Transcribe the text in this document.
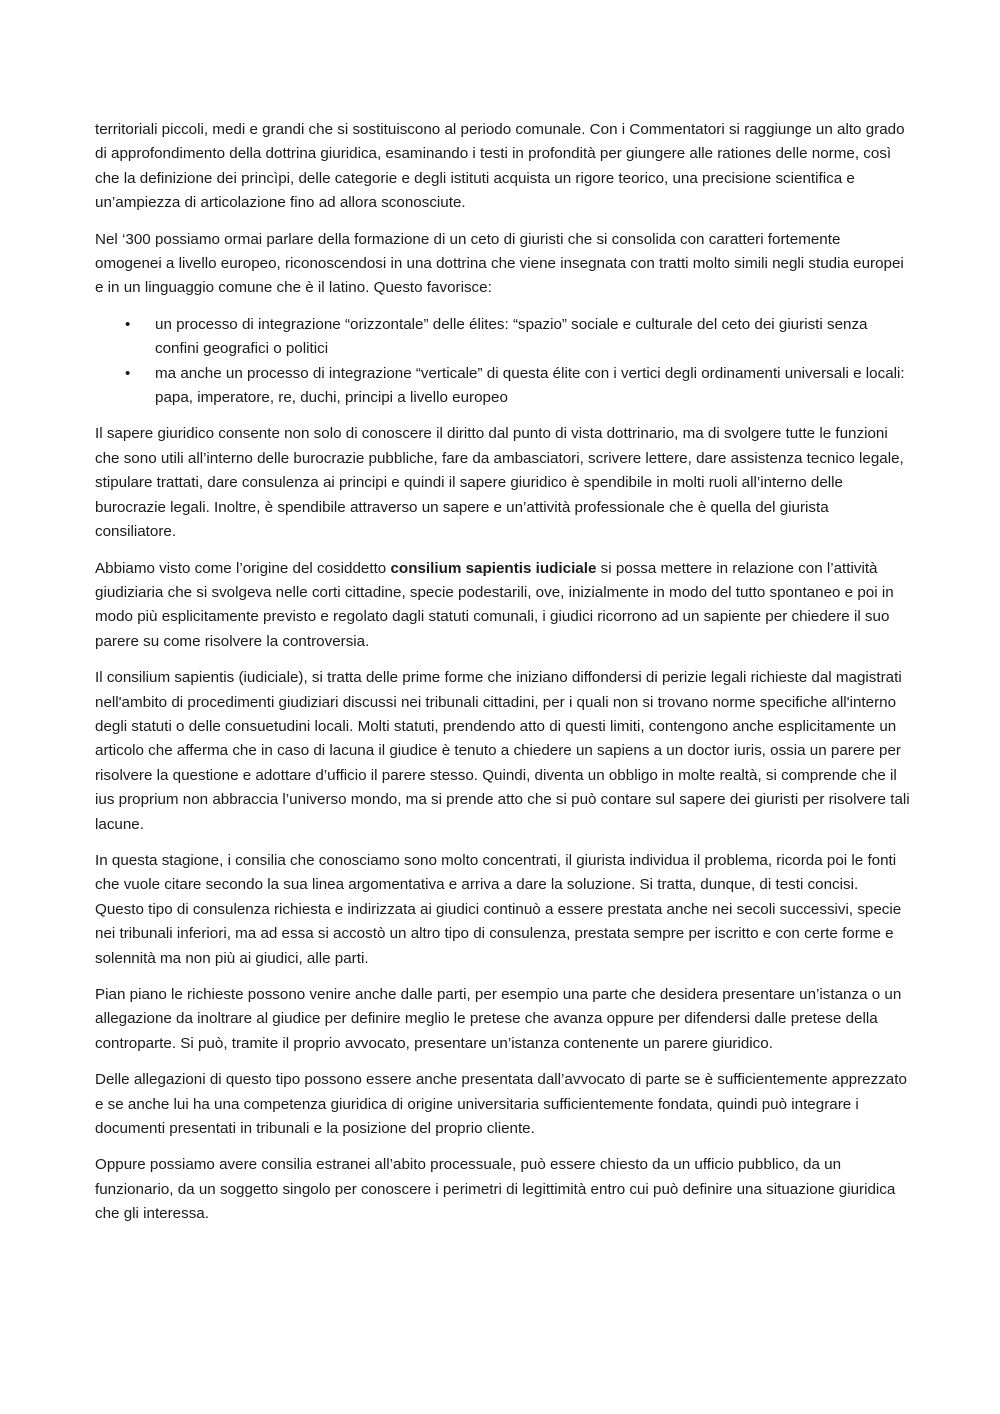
territoriali piccoli, medi e grandi che si sostituiscono al periodo comunale. Con i Commentatori si raggiunge un alto grado di approfondimento della dottrina giuridica, esaminando i testi in profondità per giungere alle rationes delle norme, così che la definizione dei princìpi, delle categorie e degli istituti acquista un rigore teorico, una precisione scientifica e un’ampiezza di articolazione fino ad allora sconosciute.

Nel ‘300 possiamo ormai parlare della formazione di un ceto di giuristi che si consolida con caratteri fortemente omogenei a livello europeo, riconoscendosi in una dottrina che viene insegnata con tratti molto simili negli studia europei e in un linguaggio comune che è il latino. Questo favorisce:

• un processo di integrazione “orizzontale” delle élites: “spazio” sociale e culturale del ceto dei giuristi senza confini geografici o politici
• ma anche un processo di integrazione “verticale” di questa élite con i vertici degli ordinamenti universali e locali: papa, imperatore, re, duchi, principi a livello europeo

Il sapere giuridico consente non solo di conoscere il diritto dal punto di vista dottrinario, ma di svolgere tutte le funzioni che sono utili all’interno delle burocrazie pubbliche, fare da ambasciatori, scrivere lettere, dare assistenza tecnico legale, stipulare trattati, dare consulenza ai principi e quindi il sapere giuridico è spendibile in molti ruoli all’interno delle burocrazie legali. Inoltre, è spendibile attraverso un sapere e un’attività professionale che è quella del giurista consiliatore.

Abbiamo visto come l’origine del cosiddetto consilium sapientis iudiciale si possa mettere in relazione con l’attività giudiziaria che si svolgeva nelle corti cittadine, specie podestarili, ove, inizialmente in modo del tutto spontaneo e poi in modo più esplicitamente previsto e regolato dagli statuti comunali, i giudici ricorrono ad un sapiente per chiedere il suo parere su come risolvere la controversia.

Il consilium sapientis (iudiciale), si tratta delle prime forme che iniziano diffondersi di perizie legali richieste dal magistrati nell'ambito di procedimenti giudiziari discussi nei tribunali cittadini, per i quali non si trovano norme specifiche all'interno degli statuti o delle consuetudini locali. Molti statuti, prendendo atto di questi limiti, contengono anche esplicitamente un articolo che afferma che in caso di lacuna il giudice è tenuto a chiedere un sapiens a un doctor iuris, ossia un parere per risolvere la questione e adottare d’ufficio il parere stesso. Quindi, diventa un obbligo in molte realtà, si comprende che il ius proprium non abbraccia l’universo mondo, ma si prende atto che si può contare sul sapere dei giuristi per risolvere tali lacune.

In questa stagione, i consilia che conosciamo sono molto concentrati, il giurista individua il problema, ricorda poi le fonti che vuole citare secondo la sua linea argomentativa e arriva a dare la soluzione. Si tratta, dunque, di testi concisi. Questo tipo di consulenza richiesta e indirizzata ai giudici continuò a essere prestata anche nei secoli successivi, specie nei tribunali inferiori, ma ad essa si accostò un altro tipo di consulenza, prestata sempre per iscritto e con certe forme e solennità ma non più ai giudici, alle parti.

Pian piano le richieste possono venire anche dalle parti, per esempio una parte che desidera presentare un’istanza o un allegazione da inoltrare al giudice per definire meglio le pretese che avanza oppure per difendersi dalle pretese della controparte. Si può, tramite il proprio avvocato, presentare un’istanza contenente un parere giuridico.

Delle allegazioni di questo tipo possono essere anche presentata dall’avvocato di parte se è sufficientemente apprezzato e se anche lui ha una competenza giuridica di origine universitaria sufficientemente fondata, quindi può integrare i documenti presentati in tribunali e la posizione del proprio cliente.

Oppure possiamo avere consilia estranei all’abito processuale, può essere chiesto da un ufficio pubblico, da un funzionario, da un soggetto singolo per conoscere i perimetri di legittimità entro cui può definire una situazione giuridica che gli interessa.
